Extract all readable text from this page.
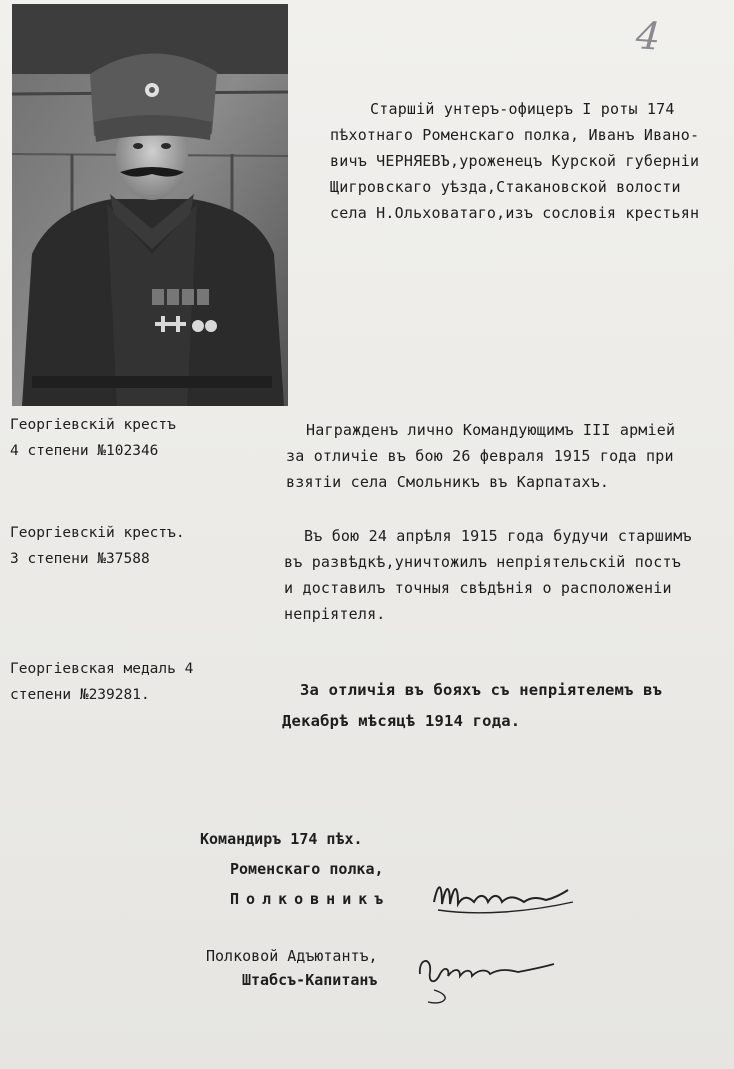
4
Старшій унтеръ-офицеръ I роты 174
пѣхотнаго Роменскаго полка, Иванъ Ивано-
вичъ ЧЕРНЯЕВЪ,уроженецъ Курской губерніи
Щигровскаго уѣзда,Стакановской волости
села Н.Ольховатаго,изъ сословія крестьян
Георгіевскій крестъ
4 степени №102346
Награжденъ лично Командующимъ III арміей
за отличіе въ бою 26 февраля 1915 года при
взятіи села Смольникъ въ Карпатахъ.
Георгіевскій крестъ.
3 степени №37588
Въ бою 24 апрѣля 1915 года будучи старшимъ
въ развѣдкѣ,уничтожилъ непріятельскій постъ
и доставилъ точныя свѣдѣнія о расположеніи
непріятеля.
Георгіевская медаль 4
степени №239281.	За отличія въ бояхъ съ непріятелемъ въ
Декабрѣ мѣсяцѣ 1914 года.
Командиръ 174 пѣх.
Роменскаго полка,
Полковникъ
Полковой Адъютантъ,
Штабсъ-Капитанъ
